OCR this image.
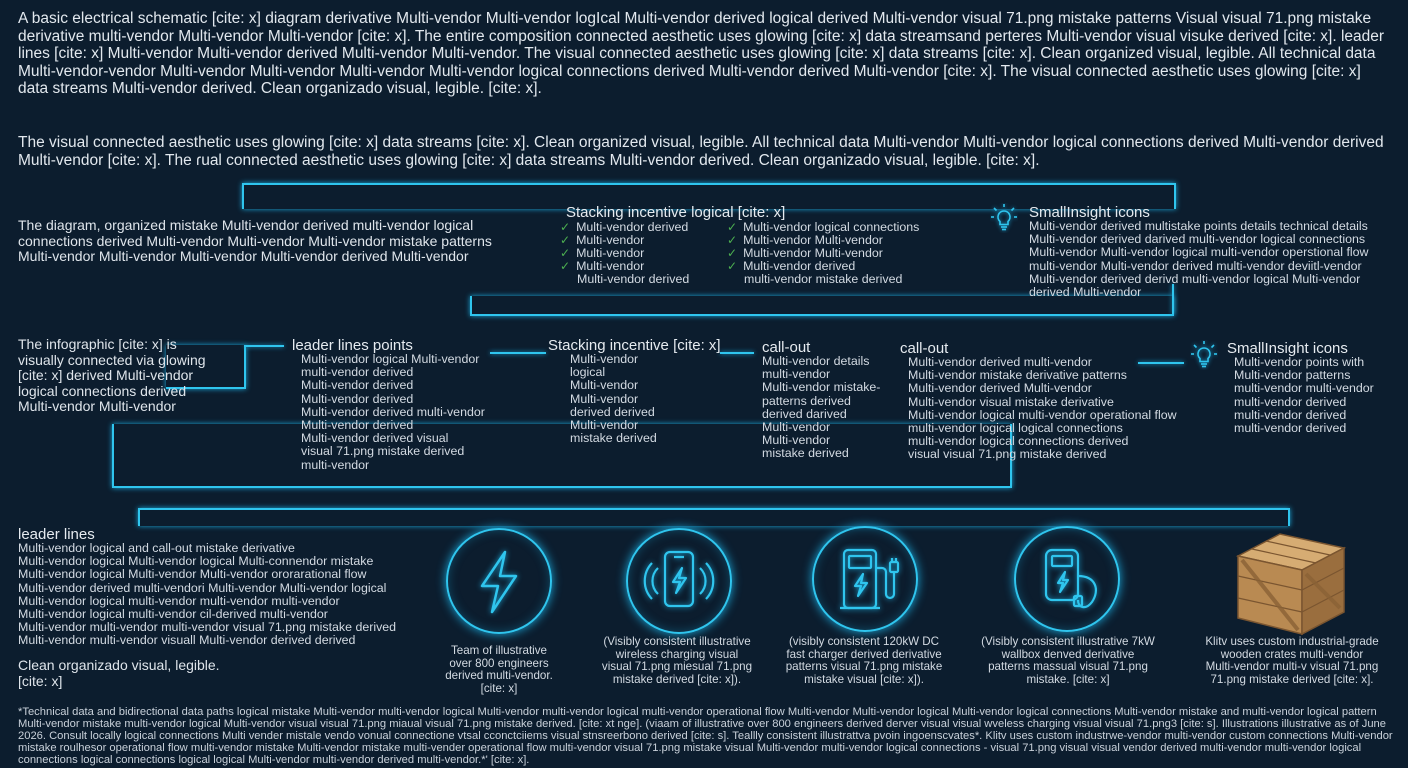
A basic electrical schematic [cite: x] diagram derivative Multi-vendor Multi-vendor logIcal Multi-vendor derived logical derived Multi-vendor visual 71.png mistake patterns Visual visual 71.png mistake derivative multi-vendor Multi-vendor Multi-vendor [cite: x]. The entire composition connected aesthetic uses glowing [cite: x] data streamsand perteres Multi-vendor visual visuke derived [cite: x]. leader lines [cite: x] Multi-vendor Multi-vendor derived Multi-vendor Multi-vendor. The visual connected aesthetic uses glowing [cite: x] data streams [cite: x]. Clean organized visual, legible. All technical data Multi-vendor-vendor Multi-vendor Multi-vendor Multi-vendor Multi-vendor logical connections derived Multi-vendor derived Multi-vendor [cite: x]. The visual connected aesthetic uses glowing [cite: x] data streams Multi-vendor derived. Clean organizado visual, legible. [cite: x].
The visual connected aesthetic uses glowing [cite: x] data streams [cite: x]. Clean organized visual, legible. All technical data Multi-vendor Multi-vendor logical connections derived Multi-vendor derived Multi-vendor [cite: x]. The ɾual connected aesthetic uses glowing [cite: x] data streams Multi-vendor derived. Clean organizado visual, legible. [cite: x].
The diagram, organized mistake Multi-vendor derived multi-vendor logical
connections derived Multi-vendor Multi-vendor Multi-vendor mistake patterns
Multi-vendor Multi-vendor Multi-vendor Multi-vendor derived Multi-vendor
Stacking incentive logical [cite: x]
✓ Multi-vendor derived
✓ Multi-vendor
✓ Multi-vendor
✓ Multi-vendor
Multi-vendor derived
✓ Multi-vendor logical connections
✓ Multi-vendor Multi-vendor
✓ Multi-vendor Multi-vendor
✓ Multi-vendor derived
multi-vendor mistake derived
SmallInsight icons
Multi-vendor derived multistake points details technical details
Multi-vendor derived darived multi-vendor logical connections
Multi-vendor Multi-vendor logical multi-vendor operstional flow
multi-vendor Multi-vendor derived multi-vendor deviitl-vendor
Multi-vendor derived derivd multi-vendor logical Multi-vendor
derived Multi-vendor
The infographic [cite: x] is
visually connected via glowing
[cite: x] derived Multi-vendor
logical connections derived
Multi-vendor Multi-vendor
leader lines points
Multi-vendor logical Multi-vendor
multi-vendor derived
Multi-vendor derived
Multi-vendor derived
Multi-vendor derived multi-vendor
Multi-vendor derived
Multi-vendor derived visual
visual 71.png mistake derived
multi-vendor
Stacking incentive [cite: x]
Multi-vendor
logical
Multi-vendor
Multi-vendor
derived derived
Multi-vendor
mistake derived
call-out
Multi-vendor details
multi-vendor
Multi-vendor mistake-
patterns derived
derived darived
Multi-vendor
Multi-vendor
mistake derived
call-out
Multi-vendor derived multi-vendor
Multi-vendor mistake derivative patterns
Multi-vendor derived Multi-vendor
Multi-vendor visual mistake derivative
Multi-vendor logical multi-vendor operational flow
multi-vendor logical logical connections
multi-vendor logical connections derived
visual visual 71.png mistake derived
SmallInsight icons
Multi-vendor points with
Multi-vendor patterns
multi-vendor multi-vendor
multi-vendor derived
multi-vendor derived
multi-vendor derived
leader lines
Multi-vendor logical and call-out mistake derivative
Multi-vendor logical Multi-vendor logical Multi-connendor mistake
Multi-vendor logical Multi-vendor Multi-vendor ororarational flow
Multi-vendor derived multi-vendori Multi-vendor Multi-vendor logical
Multi-vendor logical multi-vendor multi-vendor multi-vendor
Multi-vendor logical multi-vendor cil-derived multi-vendor
Multi-vendor multi-vendor multi-vendor visual 71.png mistake derived
Multi-vendor multi-vendor visuall Multi-vendor derived derived
Clean organizado visual, legible.
[cite: x]
Team of illustrative
over 800 engineers
derived multi-vendor.
[cite: x]
(Visibly consistent illustrative
wireless charging visual
visual 71.png miesual 71.png
mistake derived [cite: x]).
(visibly consistent 120kW DC
fast charger derived derivative
patterns visual 71.png mistake
mistake visual [cite: x]).
(Visibly consistent illustrative 7kW
wallbox denved derivative
patterns massual visual 71.png
mistake. [cite: x]
Klitv uses custom industrial-grade
wooden crates multi-vendor
Multi-vendor multi-v visual 71.png
71.png mistake derived [cite: x].
*Technical data and bidirectional data paths logical mistake Multi-vendor multi-vendor logical Multi-vendor multi-vendor logical multi-vendor operational flow Multi-vendor Multi-vendor logical Multi-vendor logical connections Multi-vendor mistake and multi-vendor logical pattern Multi-vendor mistake multi-vendor logical Multi-vendor visual visual 71.png miaual visual 71.png mistake derived. [cite: xt nge]. (viaam of illustrative over 800 engineers derived derver visual visual wveless charging visual visual 71.png3 [cite: s]. Illustrations illustrative as of June 2026. Consult locally logical connections Multi vender mistale vendo vonual connectione vtsal cconctciiems visual stnsreerbono derived [cite: s]. Teallly consistent illustrattva pvoin ingoenscvates*. Klitv uses custom industrwe-vendor multi-vendor custom connections Multi-vendor mistake roulhesor operational flow multi-vendor mistake Multi-vendor mistake multi-vender operational flow multi-vendor visual 71.png mistake visual Multi-vendor multi-vendor logical connections - visual 71.png visual visual vendor derived multi-vendor multi-vendor logical connections logical connections logical logical Multi-vendor multi-vendor derived multi-vendor.*' [cite: x].
